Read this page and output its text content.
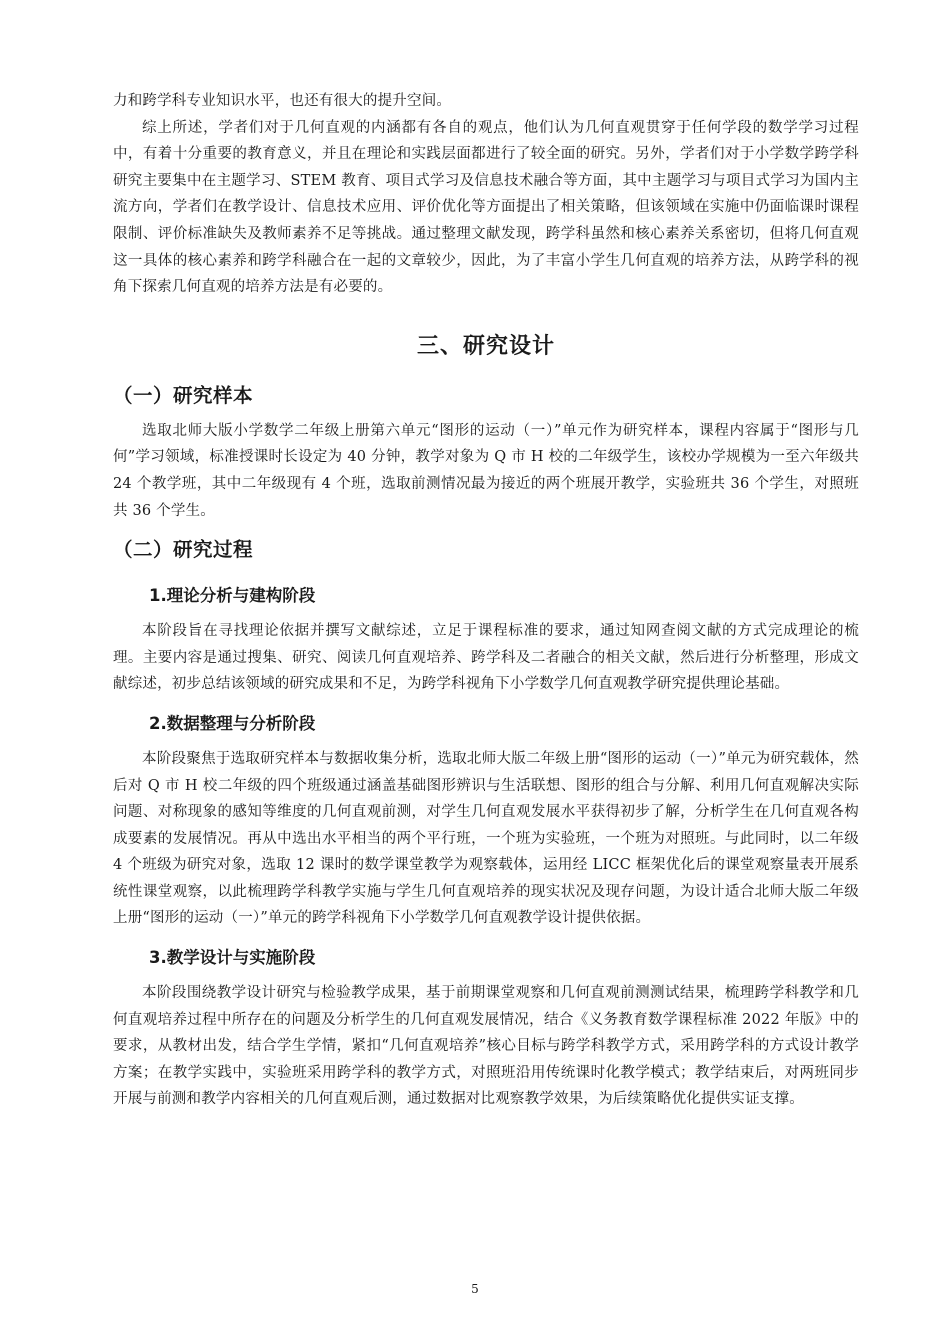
力和跨学科专业知识水平，也还有很大的提升空间。

综上所述，学者们对于几何直观的内涵都有各自的观点，他们认为几何直观贯穿于任何学段的数学学习过程中，有着十分重要的教育意义，并且在理论和实践层面都进行了较全面的研究。另外，学者们对于小学数学跨学科研究主要集中在主题学习、STEM 教育、项目式学习及信息技术融合等方面，其中主题学习与项目式学习为国内主流方向，学者们在教学设计、信息技术应用、评价优化等方面提出了相关策略，但该领域在实施中仍面临课时课程限制、评价标准缺失及教师素养不足等挑战。通过整理文献发现，跨学科虽然和核心素养关系密切，但将几何直观这一具体的核心素养和跨学科融合在一起的文章较少，因此，为了丰富小学生几何直观的培养方法，从跨学科的视角下探索几何直观的培养方法是有必要的。

三、研究设计
（一）研究样本

选取北师大版小学数学二年级上册第六单元“图形的运动（一）”单元作为研究样本，课程内容属于“图形与几何”学习领域，标准授课时长设定为 40 分钟，教学对象为 Q 市 H 校的二年级学生，该校办学规模为一至六年级共 24 个教学班，其中二年级现有 4 个班，选取前测情况最为接近的两个班展开教学，实验班共 36 个学生，对照班共 36 个学生。

（二）研究过程
1.理论分析与建构阶段

本阶段旨在寻找理论依据并撰写文献综述，立足于课程标准的要求，通过知网查阅文献的方式完成理论的梳理。主要内容是通过搜集、研究、阅读几何直观培养、跨学科及二者融合的相关文献，然后进行分析整理，形成文献综述，初步总结该领域的研究成果和不足，为跨学科视角下小学数学几何直观教学研究提供理论基础。

2.数据整理与分析阶段

本阶段聚焦于选取研究样本与数据收集分析，选取北师大版二年级上册“图形的运动（一）”单元为研究载体，然后对 Q 市 H 校二年级的四个班级通过涵盖基础图形辨识与生活联想、图形的组合与分解、利用几何直观解决实际问题、对称现象的感知等维度的几何直观前测，对学生几何直观发展水平获得初步了解，分析学生在几何直观各构成要素的发展情况。再从中选出水平相当的两个平行班，一个班为实验班，一个班为对照班。与此同时，以二年级 4 个班级为研究对象，选取 12 课时的数学课堂教学为观察载体，运用经 LICC 框架优化后的课堂观察量表开展系统性课堂观察，以此梳理跨学科教学实施与学生几何直观培养的现实状况及现存问题，为设计适合北师大版二年级上册“图形的运动（一）”单元的跨学科视角下小学数学几何直观教学设计提供依据。

3.教学设计与实施阶段

本阶段围绕教学设计研究与检验教学成果，基于前期课堂观察和几何直观前测测试结果，梳理跨学科教学和几何直观培养过程中所存在的问题及分析学生的几何直观发展情况，结合《义务教育数学课程标准 2022 年版》中的要求，从教材出发，结合学生学情，紧扣“几何直观培养”核心目标与跨学科教学方式，采用跨学科的方式设计教学方案；在教学实践中，实验班采用跨学科的教学方式，对照班沿用传统课时化教学模式；教学结束后，对两班同步开展与前测和教学内容相关的几何直观后测，通过数据对比观察教学效果，为后续策略优化提供实证支撑。

5
